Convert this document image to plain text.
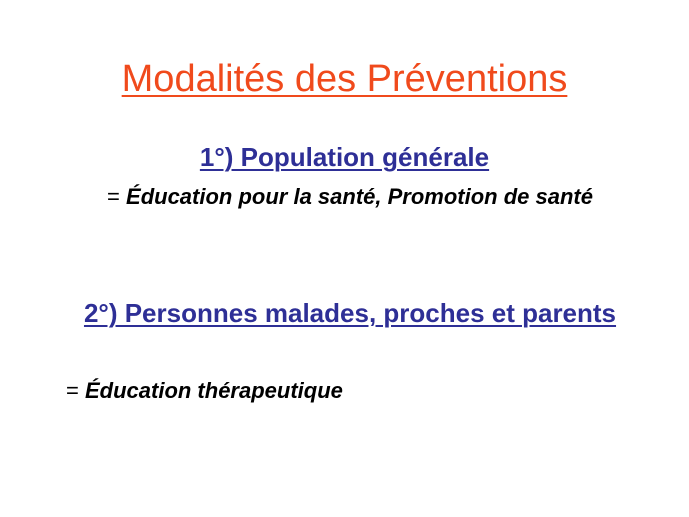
Modalités des Préventions
1°) Population générale
= Éducation pour la santé, Promotion de santé
2°) Personnes malades, proches et parents
= Éducation thérapeutique
